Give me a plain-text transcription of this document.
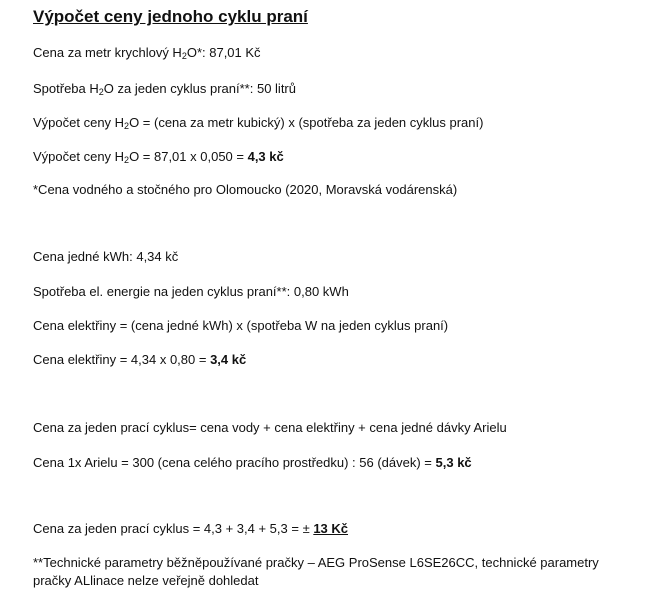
Výpočet ceny jednoho cyklu praní

Cena za metr krychlový $H_2O*$: 87,01 Kč

Spotřeba $H_2O$ za jeden cyklus praní**: 50 litrů

Výpočet ceny $H_2O$ = (cena za metr kubický) x (spotřeba za jeden cyklus praní)

Výpočet ceny $H_2O = 87,01$ x 0,050 = 4,3 kč

*Cena vodného a stočného pro Olomoucko (2020, Moravská vodárenská)

Cena jedné kWh: 4,34 kč

Spotřeba el. energie na jeden cyklus praní**: 0,80 kWh

Cena elektřiny = (cena jedné kWh) x (spotřeba W na jeden cyklus praní)

Cena elektřiny = 4,34 x 0,80 = 3,4 kč

Cena za jeden prací cyklus= cena vody + cena elektřiny + cena jedné dávky Arielu

Cena 1x Arielu = 300 (cena celého pracího prostředku) : 56 (dávek) = 5,3 kč

Cena za jeden prací cyklus = 4,3 + 3,4 + 5,3 = ± 13 Kč

**Technické parametry běžněpoužívané pračky – AEG ProSense L6SE26CC, technické parametry pračky ALlinace nelze veřejně dohledat
